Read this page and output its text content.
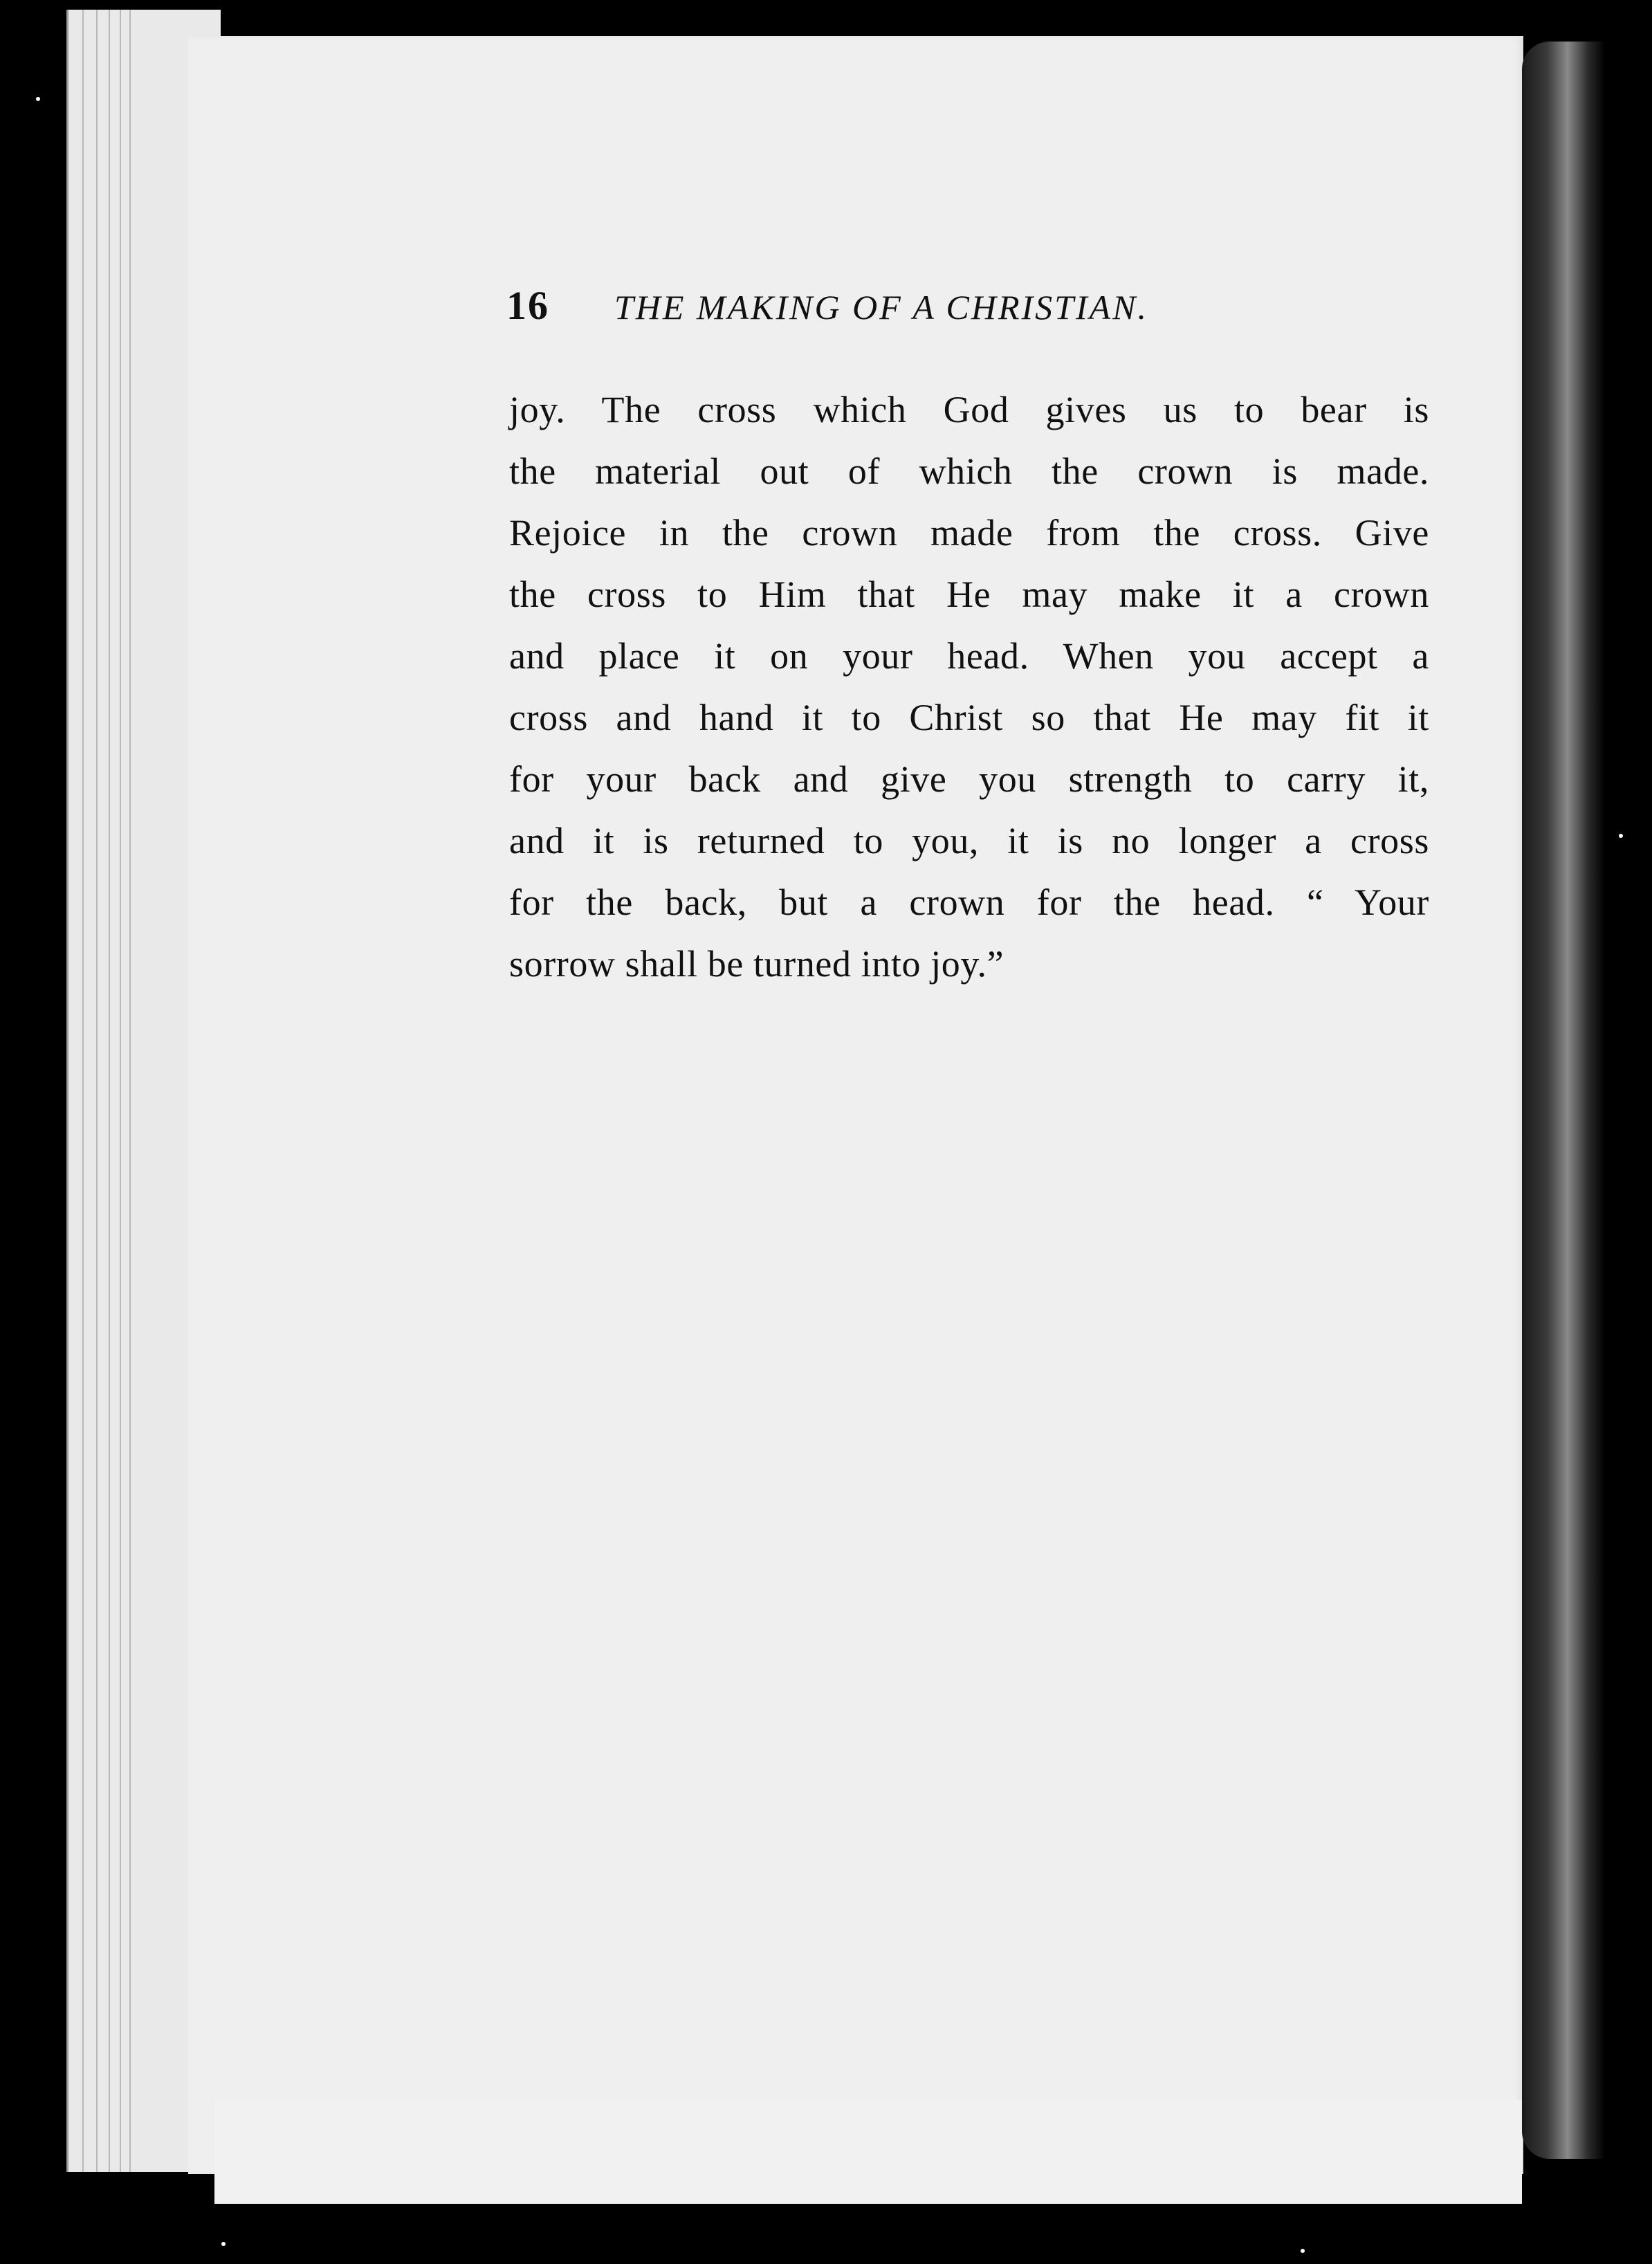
16 THE MAKING OF A CHRISTIAN.
joy. The cross which God gives us to bear is
the material out of which the crown is made.
Rejoice in the crown made from the cross. Give
the cross to Him that He may make it a crown
and place it on your head. When you accept a
cross and hand it to Christ so that He may fit it
for your back and give you strength to carry it,
and it is returned to you, it is no longer a cross
for the back, but a crown for the head. “ Your
sorrow shall be turned into joy.”
